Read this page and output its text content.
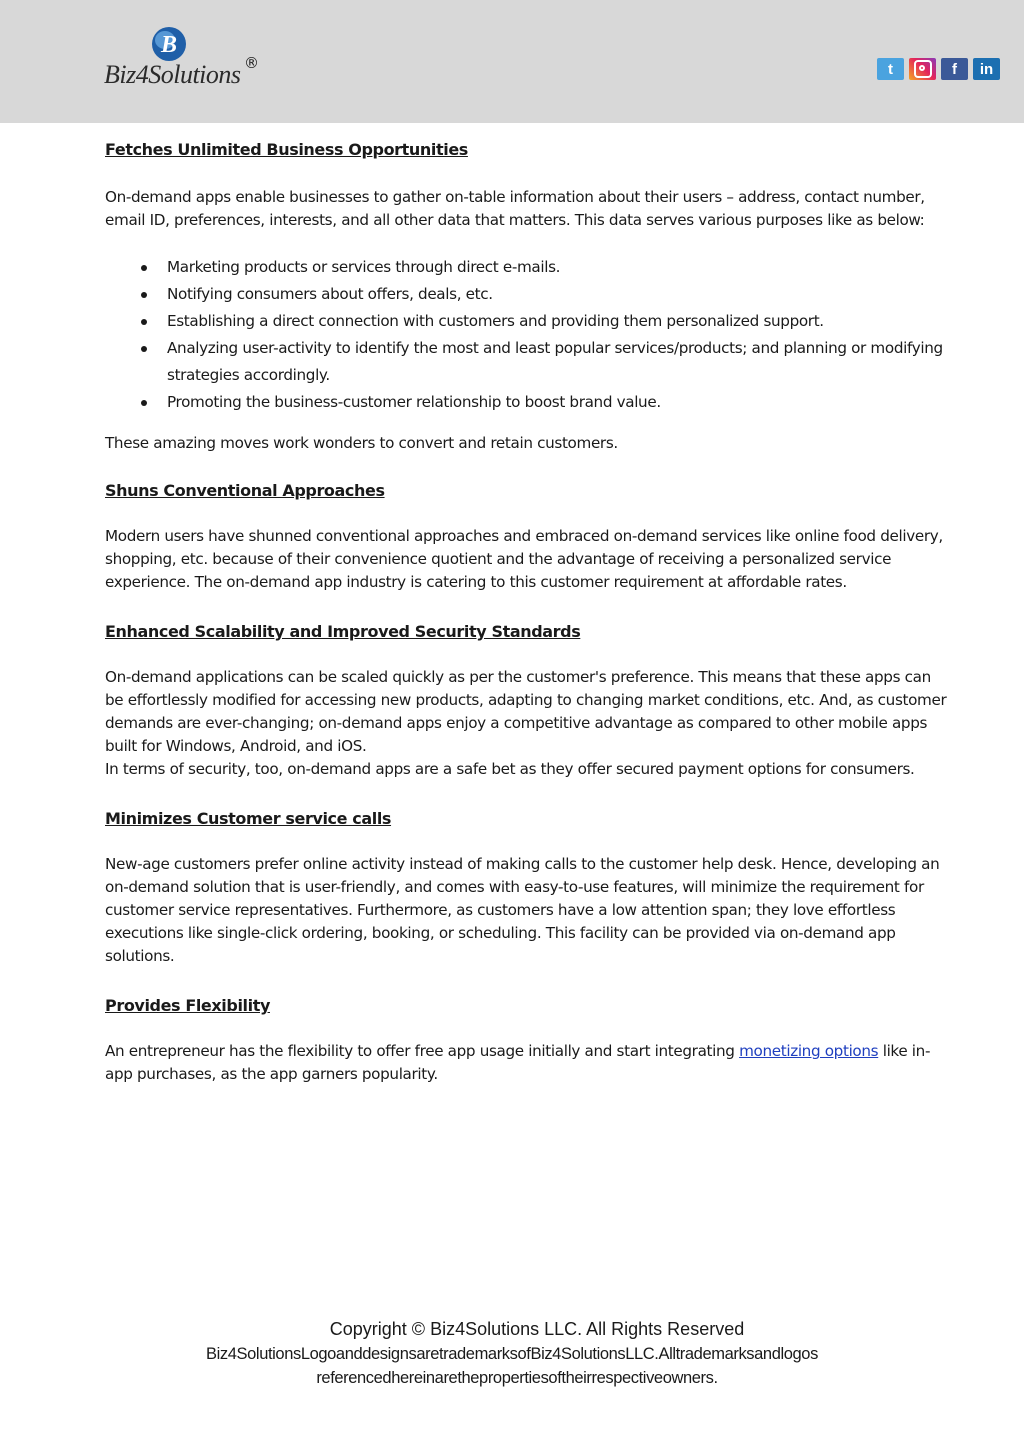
B
Biz4Solutions ®	t	f in
Fetches Unlimited Business Opportunities

On-demand apps enable businesses to gather on-table information about their users – address, contact number, email ID, preferences, interests, and all other data that matters. This data serves various purposes like as below:

Marketing products or services through direct e-mails.
Notifying consumers about offers, deals, etc.
Establishing a direct connection with customers and providing them personalized support.
Analyzing user-activity to identify the most and least popular services/products; and planning or modifying strategies accordingly.
Promoting the business-customer relationship to boost brand value.

These amazing moves work wonders to convert and retain customers.

Shuns Conventional Approaches

Modern users have shunned conventional approaches and embraced on-demand services like online food delivery, shopping, etc. because of their convenience quotient and the advantage of receiving a personalized service experience. The on-demand app industry is catering to this customer requirement at affordable rates.

Enhanced Scalability and Improved Security Standards

On-demand applications can be scaled quickly as per the customer's preference. This means that these apps can be effortlessly modified for accessing new products, adapting to changing market conditions, etc. And, as customer demands are ever-changing; on-demand apps enjoy a competitive advantage as compared to other mobile apps built for Windows, Android, and iOS.

In terms of security, too, on-demand apps are a safe bet as they offer secured payment options for consumers.

Minimizes Customer service calls

New-age customers prefer online activity instead of making calls to the customer help desk. Hence, developing an on-demand solution that is user-friendly, and comes with easy-to-use features, will minimize the requirement for customer service representatives. Furthermore, as customers have a low attention span; they love effortless executions like single-click ordering, booking, or scheduling. This facility can be provided via on-demand app solutions.

Provides Flexibility

An entrepreneur has the flexibility to offer free app usage initially and start integrating monetizing options like in-app purchases, as the app garners popularity.

Copyright © Biz4Solutions LLC. All Rights Reserved
Biz4SolutionsLogoanddesignsaretrademarksofBiz4SolutionsLLC.Alltrademarksandlogos
referencedhereinarethepropertiesoftheirrespectiveowners.
